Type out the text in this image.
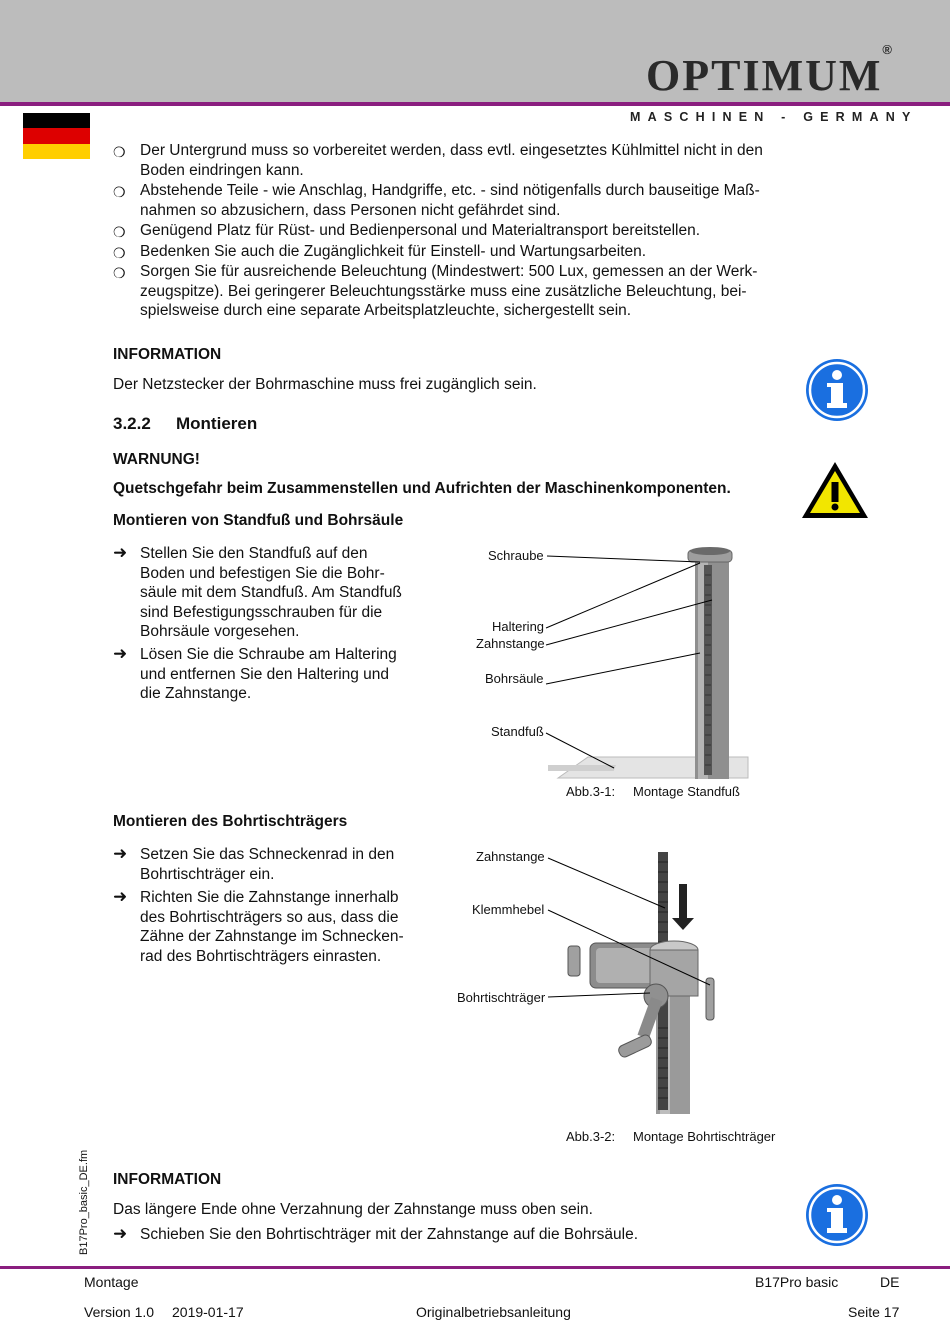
OPTIMUM®
MASCHINEN - GERMANY
❍ Der Untergrund muss so vorbereitet werden, dass evtl. eingesetztes Kühlmittel nicht in den Boden eindringen kann.
❍ Abstehende Teile - wie Anschlag, Handgriffe, etc. - sind nötigenfalls durch bauseitige Maß-nahmen so abzusichern, dass Personen nicht gefährdet sind.
❍ Genügend Platz für Rüst- und Bedienpersonal und Materialtransport bereitstellen.
❍ Bedenken Sie auch die Zugänglichkeit für Einstell- und Wartungsarbeiten.
❍ Sorgen Sie für ausreichende Beleuchtung (Mindestwert: 500 Lux, gemessen an der Werk-zeugspitze). Bei geringerer Beleuchtungsstärke muss eine zusätzliche Beleuchtung, bei-spielsweise durch eine separate Arbeitsplatzleuchte, sichergestellt sein.
INFORMATION
Der Netzstecker der Bohrmaschine muss frei zugänglich sein.
3.2.2 Montieren
WARNUNG!
Quetschgefahr beim Zusammenstellen und Aufrichten der Maschinenkomponenten.
Montieren von Standfuß und Bohrsäule
➜ Stellen Sie den Standfuß auf den Boden und befestigen Sie die Bohr-säule mit dem Standfuß. Am Standfuß sind Befestigungsschrauben für die Bohrsäule vorgesehen.
➜ Lösen Sie die Schraube am Haltering und entfernen Sie den Haltering und die Zahnstange.
Schraube
Haltering
Zahnstange
Bohrsäule
Standfuß
Abb.3-1: Montage Standfuß
Montieren des Bohrtischträgers
➜ Setzen Sie das Schneckenrad in den Bohrtischträger ein.
➜ Richten Sie die Zahnstange innerhalb des Bohrtischträgers so aus, dass die Zähne der Zahnstange im Schnecken-rad des Bohrtischträgers einrasten.
Zahnstange
Klemmhebel
Bohrtischträger
Abb.3-2: Montage Bohrtischträger
B17Pro_basic_DE.fm INFORMATION
Das längere Ende ohne Verzahnung der Zahnstange muss oben sein.
➜ Schieben Sie den Bohrtischträger mit der Zahnstange auf die Bohrsäule.
Montage	B17Pro basic	DE
Version 1.0 2019-01-17	Originalbetriebsanleitung	Seite 17
